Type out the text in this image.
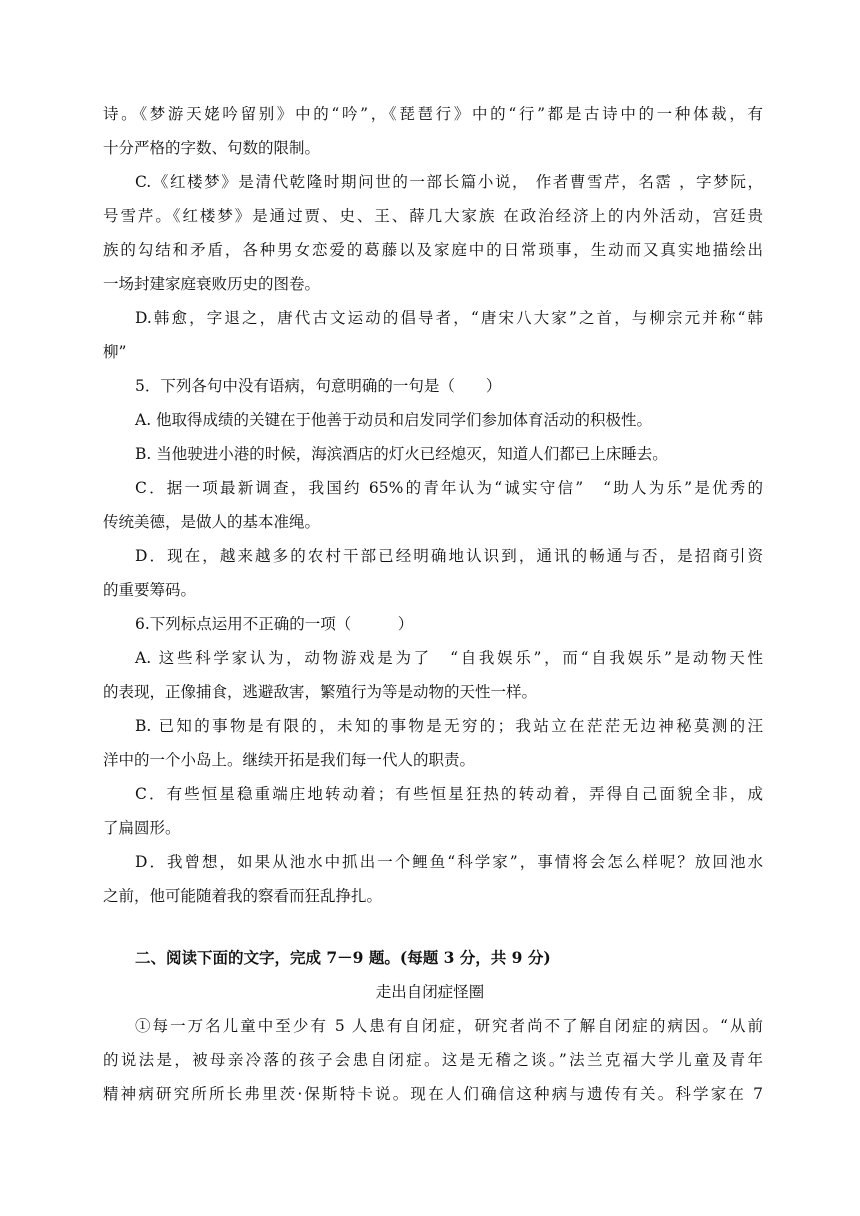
诗。《梦游天姥吟留别》中的“吟”，《琵琶行》中的“行”都是古诗中的一种体裁，有
十分严格的字数、句数的限制。
C.《红楼梦》是清代乾隆时期问世的一部长篇小说， 作者曹雪芹，名霑 ，字梦阮，
号雪芹。《红楼梦》是通过贾、史、王、薛几大家族 在政治经济上的内外活动，宫廷贵
族的勾结和矛盾，各种男女恋爱的葛藤以及家庭中的日常琐事，生动而又真实地描绘出
一场封建家庭衰败历史的图卷。
D.韩愈，字退之，唐代古文运动的倡导者，“唐宋八大家”之首，与柳宗元并称“韩
柳”
5．下列各句中没有语病，句意明确的一句是（　　）
A. 他取得成绩的关键在于他善于动员和启发同学们参加体育活动的积极性。
B. 当他驶进小港的时候，海滨酒店的灯火已经熄灭，知道人们都已上床睡去。
C．据一项最新调查，我国约 65%的青年认为“诚实守信”　“助人为乐”是优秀的
传统美德，是做人的基本准绳。
D．现在，越来越多的农村干部已经明确地认识到，通讯的畅通与否，是招商引资
的重要筹码。
6.下列标点运用不正确的一项（　　　）
A. 这些科学家认为，动物游戏是为了　“自我娱乐”，而“自我娱乐”是动物天性
的表现，正像捕食，逃避敌害，繁殖行为等是动物的天性一样。
B. 已知的事物是有限的，未知的事物是无穷的；我站立在茫茫无边神秘莫测的汪
洋中的一个小岛上。继续开拓是我们每一代人的职责。
C．有些恒星稳重端庄地转动着；有些恒星狂热的转动着，弄得自己面貌全非，成
了扁圆形。
D．我曾想，如果从池水中抓出一个鲤鱼“科学家”，事情将会怎么样呢？放回池水
之前，他可能随着我的察看而狂乱挣扎。
二、阅读下面的文字，完成 7－9 题。(每题 3 分，共 9 分)
走出自闭症怪圈
①每一万名儿童中至少有 5 人患有自闭症，研究者尚不了解自闭症的病因。“从前
的说法是，被母亲冷落的孩子会患自闭症。这是无稽之谈。”法兰克福大学儿童及青年
精神病研究所所长弗里茨·保斯特卡说。现在人们确信这种病与遗传有关。科学家在 7
